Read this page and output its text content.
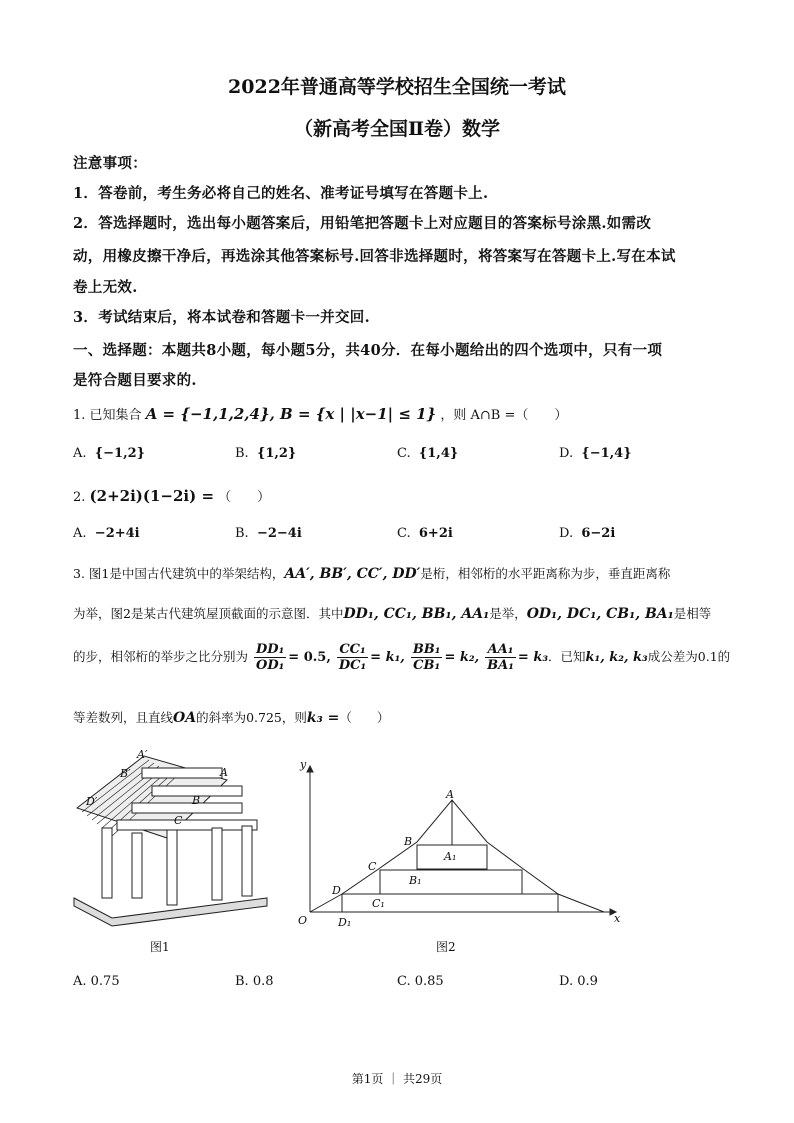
2022年普通高等学校招生全国统一考试
（新高考全国Ⅱ卷）数学
注意事项：
1．答卷前，考生务必将自己的姓名、准考证号填写在答题卡上.
2．答选择题时，选出每小题答案后，用铅笔把答题卡上对应题目的答案标号涂黑.如需改
动，用橡皮擦干净后，再选涂其他答案标号.回答非选择题时，将答案写在答题卡上.写在本试
卷上无效.
3．考试结束后，将本试卷和答题卡一并交回.
一、选择题：本题共8小题，每小题5分，共40分．在每小题给出的四个选项中，只有一项
是符合题目要求的.
1. 已知集合 A = {−1,1,2,4}, B = {x | |x−1| ≤ 1} ，则 A∩B =（　　）
A. {−1,2}	B. {1,2}	C. {1,4}	D. {−1,4}
2. (2+2i)(1−2i) = （　　）
A. −2+4i	B. −2−4i	C. 6+2i	D. 6−2i
3. 图1是中国古代建筑中的举架结构，AA′, BB′, CC′, DD′是桁，相邻桁的水平距离称为步，垂直距离称
为举，图2是某古代建筑屋顶截面的示意图．其中DD₁, CC₁, BB₁, AA₁是举，OD₁, DC₁, CB₁, BA₁是相等
的步，相邻桁的举步之比分别为 $\frac{\text{DD₁}}{\text{OD₁}} = 0.5$, $\frac{\text{CC₁}}{\text{DC₁}} = k_1$, $\frac{\text{BB₁}}{\text{CB₁}} = k_2$, $\frac{\text{AA₁}}{\text{BA₁}} = k_3$．已知k₁, k₂, k₃成公差为0.1的
等差数列，且直线OA的斜率为0.725，则k₃ =（　　）
A′
B′
D′
A
B
C
图1
y
x
O
A
B
C
D
A₁
B₁
C₁
D₁
图2
A. 0.75	B. 0.8	C. 0.85	D. 0.9
第1页 ｜ 共29页
